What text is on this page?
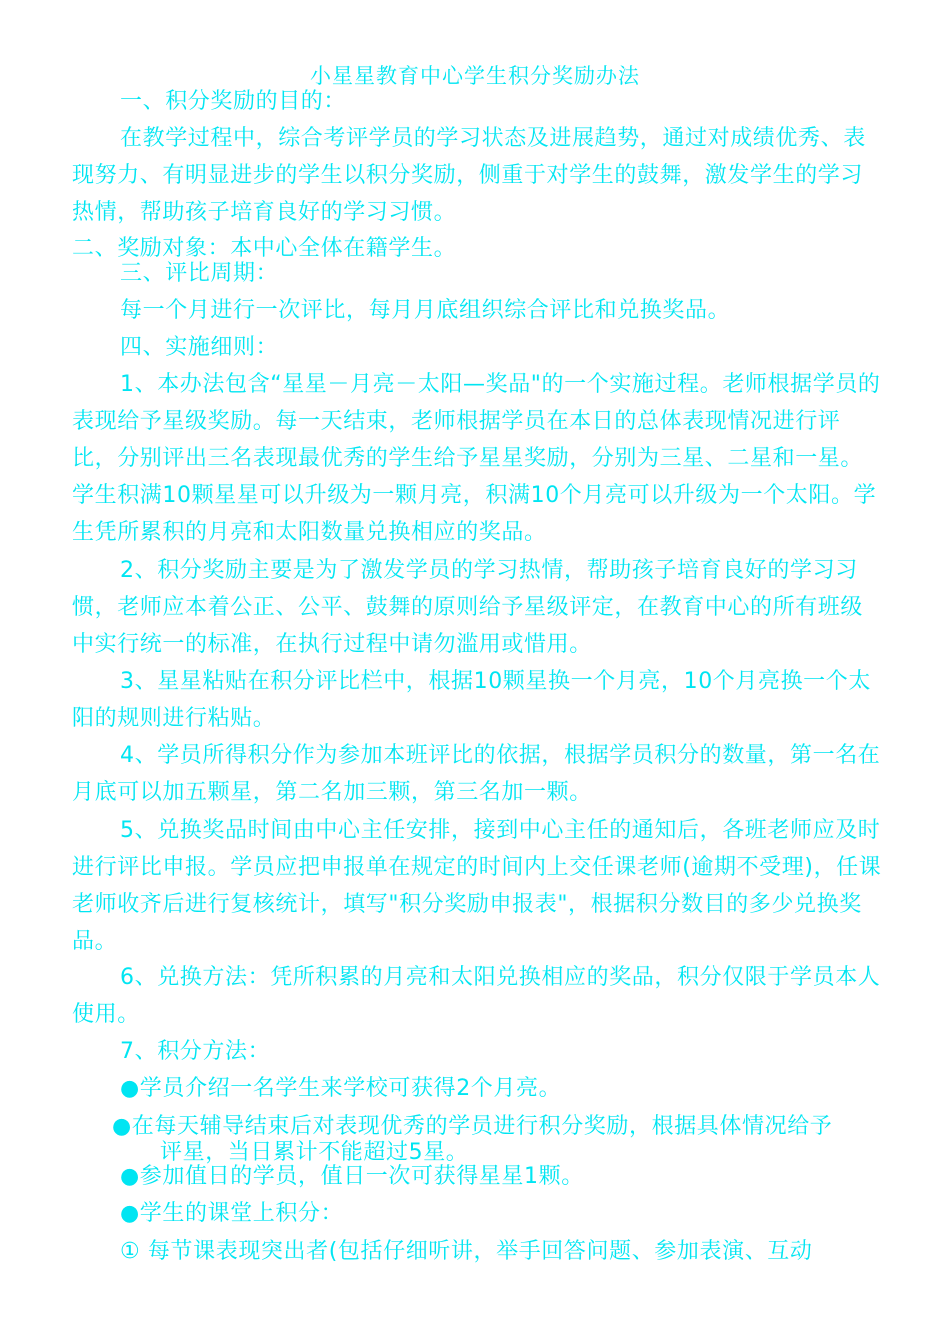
小星星教育中心学生积分奖励办法
一、积分奖励的目的：
在教学过程中，综合考评学员的学习状态及进展趋势，通过对成绩优秀、表现努力、有明显进步的学生以积分奖励，侧重于对学生的鼓舞，激发学生的学习热情，帮助孩子培育良好的学习习惯。
二、奖励对象：本中心全体在籍学生。
三、评比周期：
每一个月进行一次评比，每月月底组织综合评比和兑换奖品。
四、实施细则：
1、本办法包含“星星－月亮－太阳—奖品"的一个实施过程。老师根据学员的表现给予星级奖励。每一天结束，老师根据学员在本日的总体表现情况进行评比，分别评出三名表现最优秀的学生给予星星奖励，分别为三星、二星和一星。学生积满10颗星星可以升级为一颗月亮，积满10个月亮可以升级为一个太阳。学生凭所累积的月亮和太阳数量兑换相应的奖品。
2、积分奖励主要是为了激发学员的学习热情，帮助孩子培育良好的学习习惯，老师应本着公正、公平、鼓舞的原则给予星级评定，在教育中心的所有班级中实行统一的标准，在执行过程中请勿滥用或惜用。
3、星星粘贴在积分评比栏中，根据10颗星换一个月亮，10个月亮换一个太阳的规则进行粘贴。
4、学员所得积分作为参加本班评比的依据，根据学员积分的数量，第一名在月底可以加五颗星，第二名加三颗，第三名加一颗。
5、兑换奖品时间由中心主任安排，接到中心主任的通知后，各班老师应及时进行评比申报。学员应把申报单在规定的时间内上交任课老师(逾期不受理)，任课老师收齐后进行复核统计，填写"积分奖励申报表"，根据积分数目的多少兑换奖品。
6、兑换方法：凭所积累的月亮和太阳兑换相应的奖品，积分仅限于学员本人使用。
7、积分方法：
●学员介绍一名学生来学校可获得2个月亮。
●在每天辅导结束后对表现优秀的学员进行积分奖励，根据具体情况给予
评星，当日累计不能超过5星。
●参加值日的学员，值日一次可获得星星1颗。
●学生的课堂上积分：
① 每节课表现突出者(包括仔细听讲，举手回答问题、参加表演、互动
